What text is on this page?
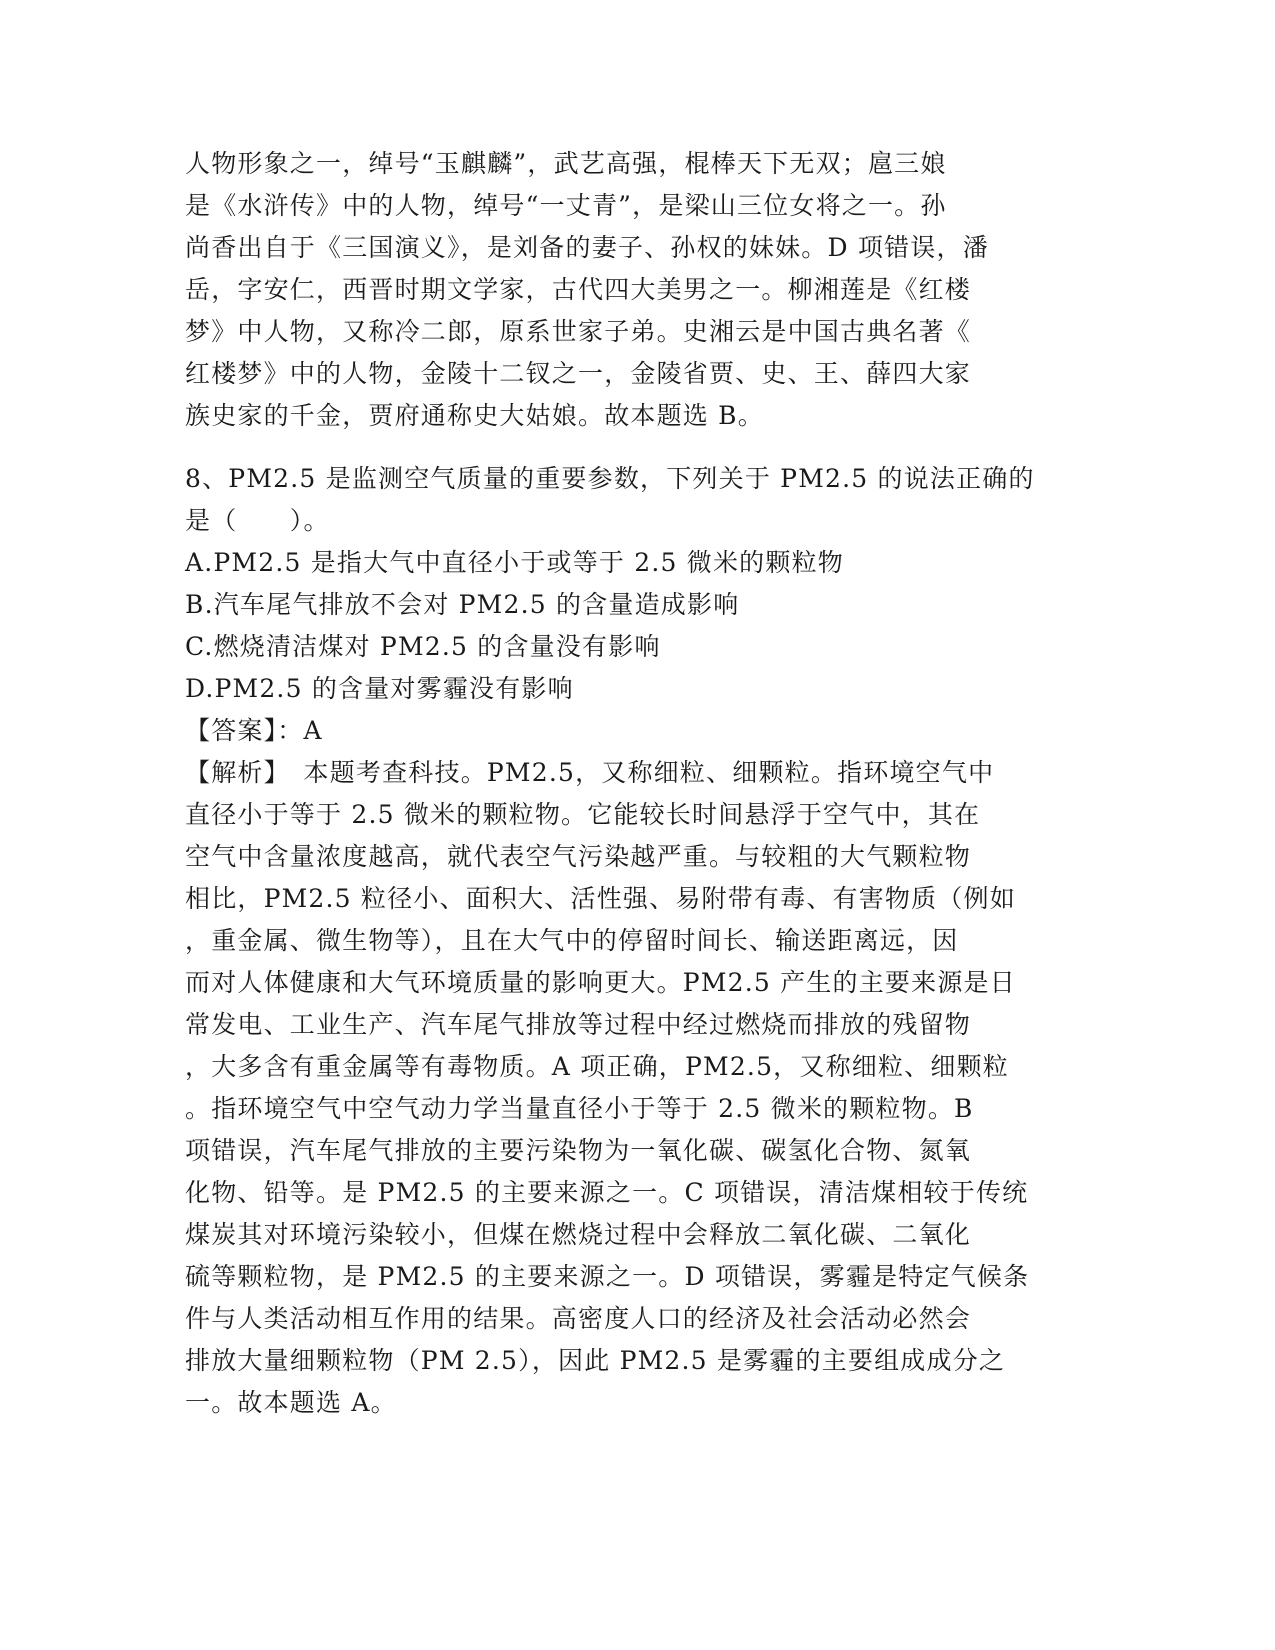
人物形象之一，绰号“玉麒麟”，武艺高强，棍棒天下无双；扈三娘
是《水浒传》中的人物，绰号“一丈青”，是梁山三位女将之一。孙
尚香出自于《三国演义》，是刘备的妻子、孙权的妹妹。D 项错误，潘
岳，字安仁，西晋时期文学家，古代四大美男之一。柳湘莲是《红楼
梦》中人物，又称冷二郎，原系世家子弟。史湘云是中国古典名著《
红楼梦》中的人物，金陵十二钗之一，金陵省贾、史、王、薛四大家
族史家的千金，贾府通称史大姑娘。故本题选 B。
8、PM2.5 是监测空气质量的重要参数，下列关于 PM2.5 的说法正确的
是（　　）。
A.PM2.5 是指大气中直径小于或等于 2.5 微米的颗粒物
B.汽车尾气排放不会对 PM2.5 的含量造成影响
C.燃烧清洁煤对 PM2.5 的含量没有影响
D.PM2.5 的含量对雾霾没有影响
【答案】：A
【解析】　本题考查科技。PM2.5，又称细粒、细颗粒。指环境空气中
直径小于等于 2.5 微米的颗粒物。它能较长时间悬浮于空气中，其在
空气中含量浓度越高，就代表空气污染越严重。与较粗的大气颗粒物
相比，PM2.5 粒径小、面积大、活性强、易附带有毒、有害物质（例如
，重金属、微生物等），且在大气中的停留时间长、输送距离远，因
而对人体健康和大气环境质量的影响更大。PM2.5 产生的主要来源是日
常发电、工业生产、汽车尾气排放等过程中经过燃烧而排放的残留物
，大多含有重金属等有毒物质。A 项正确，PM2.5，又称细粒、细颗粒
。指环境空气中空气动力学当量直径小于等于 2.5 微米的颗粒物。B
项错误，汽车尾气排放的主要污染物为一氧化碳、碳氢化合物、氮氧
化物、铅等。是 PM2.5 的主要来源之一。C 项错误，清洁煤相较于传统
煤炭其对环境污染较小，但煤在燃烧过程中会释放二氧化碳、二氧化
硫等颗粒物，是 PM2.5 的主要来源之一。D 项错误，雾霾是特定气候条
件与人类活动相互作用的结果。高密度人口的经济及社会活动必然会
排放大量细颗粒物（PM 2.5），因此 PM2.5 是雾霾的主要组成成分之
一。故本题选 A。
